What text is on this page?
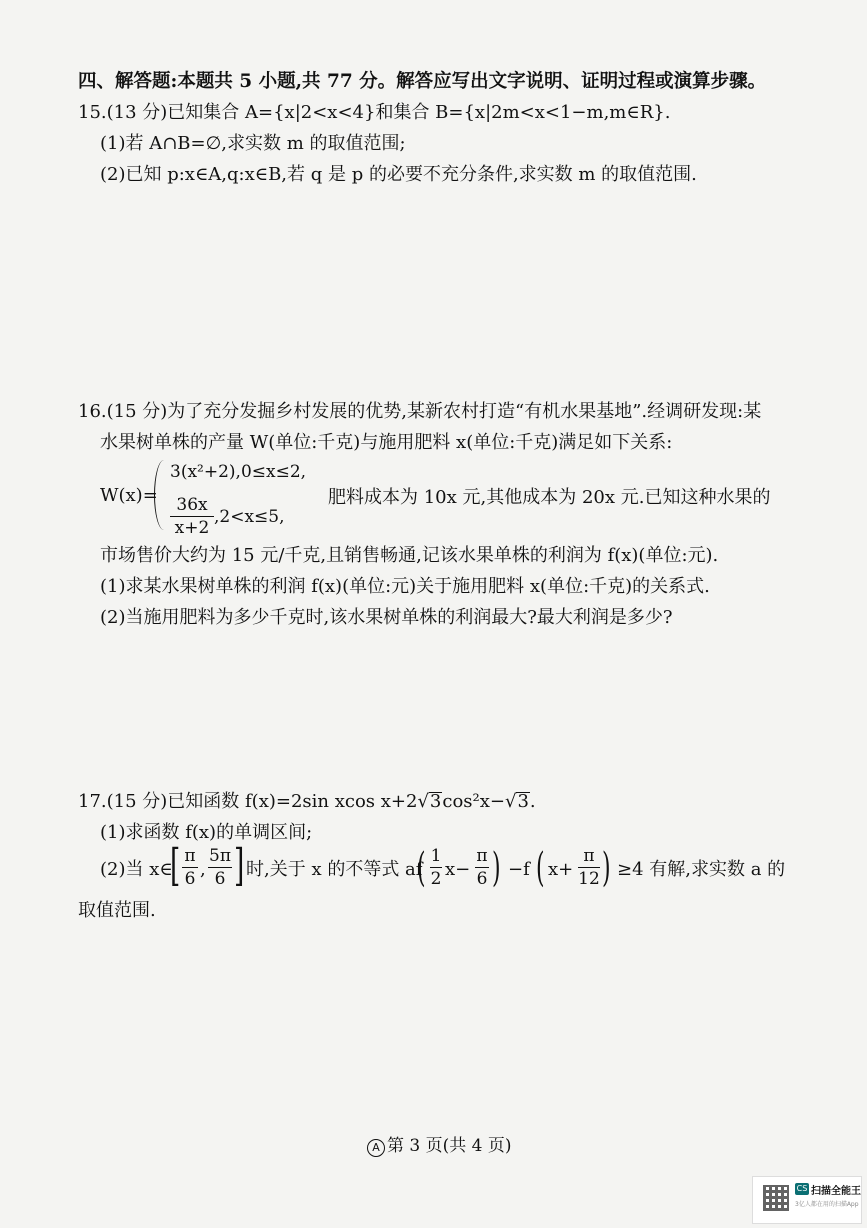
四、解答题:本题共 5 小题,共 77 分。解答应写出文字说明、证明过程或演算步骤。
15.(13 分)已知集合 A={x|2<x<4}和集合 B={x|2m<x<1−m,m∈R}.
(1)若 A∩B=∅,求实数 m 的取值范围;
(2)已知 p:x∈A,q:x∈B,若 q 是 p 的必要不充分条件,求实数 m 的取值范围.
16.(15 分)为了充分发掘乡村发展的优势,某新农村打造“有机水果基地”.经调研发现:某
水果树单株的产量 W(单位:千克)与施用肥料 x(单位:千克)满足如下关系:
W(x)=
3(x²+2),0≤x≤2,
36x
x+2
,2<x≤5,
肥料成本为 10x 元,其他成本为 20x 元.已知这种水果的
市场售价大约为 15 元/千克,且销售畅通,记该水果单株的利润为 f(x)(单位:元).
(1)求某水果树单株的利润 f(x)(单位:元)关于施用肥料 x(单位:千克)的关系式.
(2)当施用肥料为多少千克时,该水果树单株的利润最大?最大利润是多少?
17.(15 分)已知函数 f(x)=2sin xcos x+2√3cos²x−√3.
(1)求函数 f(x)的单调区间;
(2)当 x∈
[ π
6 ,
5π
6 ] 时,关于 x 的不等式 af
( 1
2 x−
π
6 ) −f ( x+
π
12 ) ≥4 有解,求实数 a 的
取值范围.
A 第 3 页(共 4 页)
CS 扫描全能王
3亿人都在用的扫描App
